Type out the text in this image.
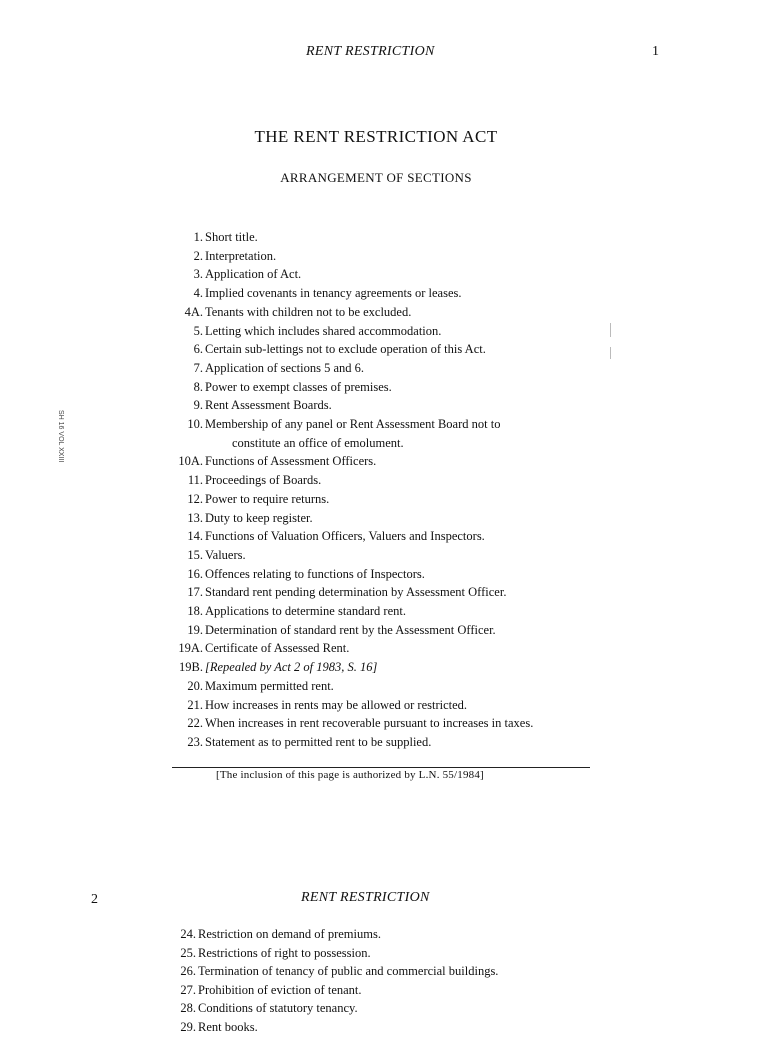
RENT RESTRICTION	1
THE RENT RESTRICTION ACT
ARRANGEMENT OF SECTIONS
SH 16 VOL XXIII
1. Short title.
2. Interpretation.
3. Application of Act.
4. Implied covenants in tenancy agreements or leases.
4A. Tenants with children not to be excluded.
5. Letting which includes shared accommodation.
6. Certain sub-lettings not to exclude operation of this Act.
7. Application of sections 5 and 6.
8. Power to exempt classes of premises.
9. Rent Assessment Boards.
10. Membership of any panel or Rent Assessment Board not to
constitute an office of emolument.
10A. Functions of Assessment Officers.
11. Proceedings of Boards.
12. Power to require returns.
13. Duty to keep register.
14. Functions of Valuation Officers, Valuers and Inspectors.
15. Valuers.
16. Offences relating to functions of Inspectors.
17. Standard rent pending determination by Assessment Officer.
18. Applications to determine standard rent.
19. Determination of standard rent by the Assessment Officer.
19A. Certificate of Assessed Rent.
19B. [Repealed by Act 2 of 1983, S. 16]
20. Maximum permitted rent.
21. How increases in rents may be allowed or restricted.
22. When increases in rent recoverable pursuant to increases in taxes.
23. Statement as to permitted rent to be supplied.
[The inclusion of this page is authorized by L.N. 55/1984]
2	RENT RESTRICTION
24. Restriction on demand of premiums.
25. Restrictions of right to possession.
26. Termination of tenancy of public and commercial buildings.
27. Prohibition of eviction of tenant.
28. Conditions of statutory tenancy.
29. Rent books.
